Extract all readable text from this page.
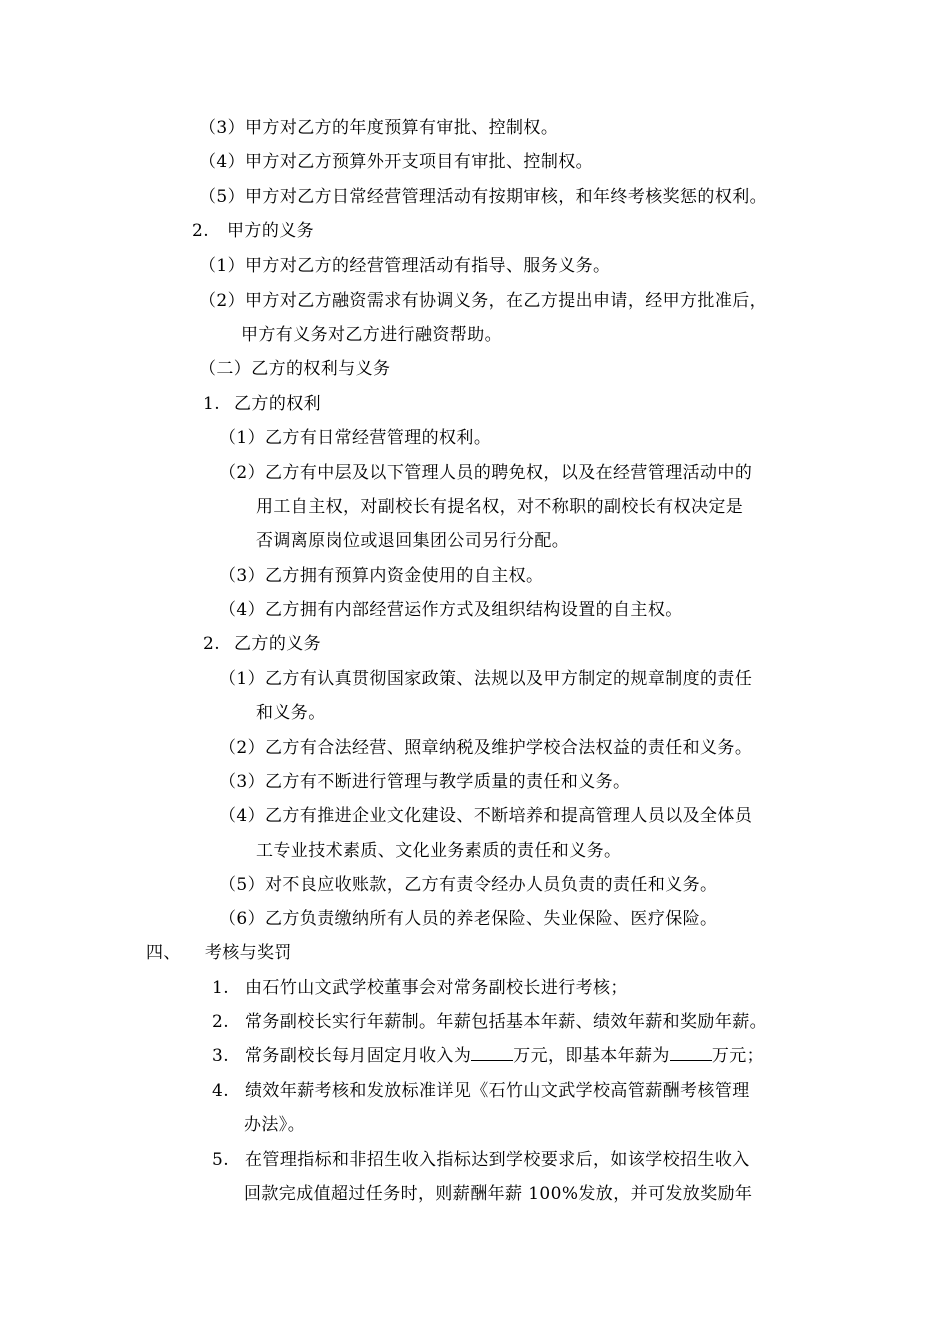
（3）甲方对乙方的年度预算有审批、控制权。
（4）甲方对乙方预算外开支项目有审批、控制权。
（5）甲方对乙方日常经营管理活动有按期审核，和年终考核奖惩的权利。
2. 甲方的义务
（1）甲方对乙方的经营管理活动有指导、服务义务。
（2）甲方对乙方融资需求有协调义务，在乙方提出申请，经甲方批准后，
甲方有义务对乙方进行融资帮助。
（二）乙方的权利与义务
1. 乙方的权利
（1）乙方有日常经营管理的权利。
（2）乙方有中层及以下管理人员的聘免权，以及在经营管理活动中的
用工自主权，对副校长有提名权，对不称职的副校长有权决定是
否调离原岗位或退回集团公司另行分配。
（3）乙方拥有预算内资金使用的自主权。
（4）乙方拥有内部经营运作方式及组织结构设置的自主权。
2. 乙方的义务
（1）乙方有认真贯彻国家政策、法规以及甲方制定的规章制度的责任
和义务。
（2）乙方有合法经营、照章纳税及维护学校合法权益的责任和义务。
（3）乙方有不断进行管理与教学质量的责任和义务。
（4）乙方有推进企业文化建设、不断培养和提高管理人员以及全体员
工专业技术素质、文化业务素质的责任和义务。
（5）对不良应收账款，乙方有责令经办人员负责的责任和义务。
（6）乙方负责缴纳所有人员的养老保险、失业保险、医疗保险。
四、 考核与奖罚
1. 由石竹山文武学校董事会对常务副校长进行考核；
2. 常务副校长实行年薪制。年薪包括基本年薪、绩效年薪和奖励年薪。
3. 常务副校长每月固定月收入为 万元，即基本年薪为 万元；
4. 绩效年薪考核和发放标准详见《石竹山文武学校高管薪酬考核管理
办法》。
5. 在管理指标和非招生收入指标达到学校要求后，如该学校招生收入
回款完成值超过任务时，则薪酬年薪 100%发放，并可发放奖励年
